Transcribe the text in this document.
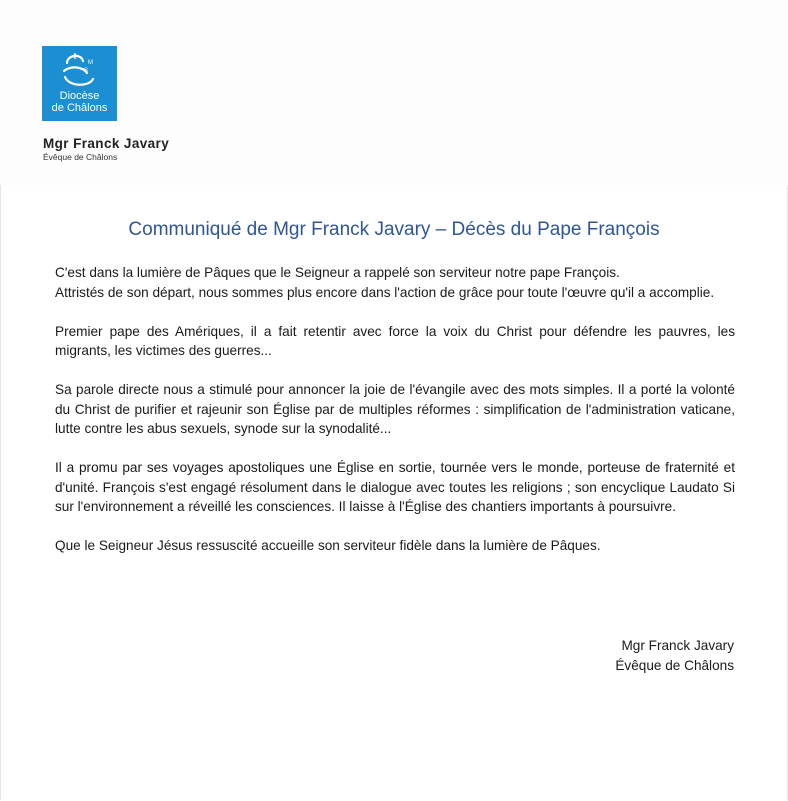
S
M
Diocèse
de Châlons
Mgr Franck Javary
Évêque de Châlons
Communiqué de Mgr Franck Javary – Décès du Pape François
C'est dans la lumière de Pâques que le Seigneur a rappelé son serviteur notre pape François.
Attristés de son départ, nous sommes plus encore dans l'action de grâce pour toute l'œuvre qu'il a accomplie.
Premier pape des Amériques, il a fait retentir avec force la voix du Christ pour défendre les pauvres, les migrants, les victimes des guerres...
Sa parole directe nous a stimulé pour annoncer la joie de l'évangile avec des mots simples. Il a porté la volonté du Christ de purifier et rajeunir son Église par de multiples réformes : simplification de l'administration vaticane, lutte contre les abus sexuels, synode sur la synodalité...
Il a promu par ses voyages apostoliques une Église en sortie, tournée vers le monde, porteuse de fraternité et d'unité. François s'est engagé résolument dans le dialogue avec toutes les religions ; son encyclique Laudato Si sur l'environnement a réveillé les consciences. Il laisse à l'Église des chantiers importants à poursuivre.
Que le Seigneur Jésus ressuscité accueille son serviteur fidèle dans la lumière de Pâques.
Mgr Franck Javary
Évêque de Châlons
